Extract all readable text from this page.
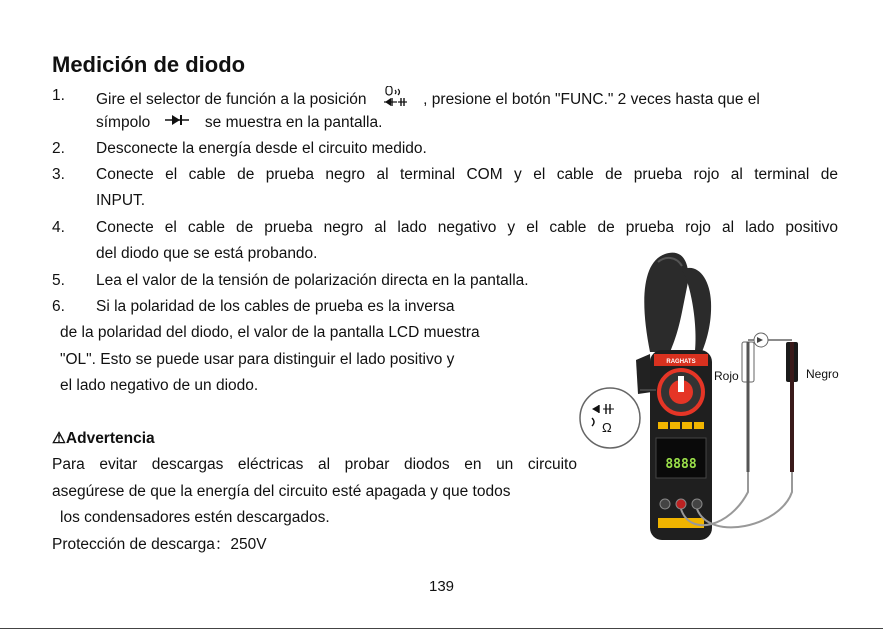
Medición de diodo
1. Gire el selector de función a la posición	, presione el botón "FUNC." 2 veces hasta que el
símpolo	se muestra en la pantalla.
2. Desconecte la energía desde el circuito medido.
3. Conecte el cable de prueba negro al terminal COM y el cable de prueba rojo al terminal de
INPUT.
4. Conecte el cable de prueba negro al lado negativo y el cable de prueba rojo al lado positivo
del diodo que se está probando.
5. Lea el valor de la tensión de polarización directa en la pantalla.
6. Si la polaridad de los cables de prueba es la inversa
de la polaridad del diodo, el valor de la pantalla LCD muestra
"OL". Esto se puede usar para distinguir el lado positivo y
el lado negativo de un diodo.
⚠Advertencia
Para evitar descargas eléctricas al probar diodos en un circuito
asegúrese de que la energía del circuito esté apagada y que todos
los condensadores estén descargados.
Protección de descarga：250V
RAGHATS
8888
Ω
Rojo	Negro
139
